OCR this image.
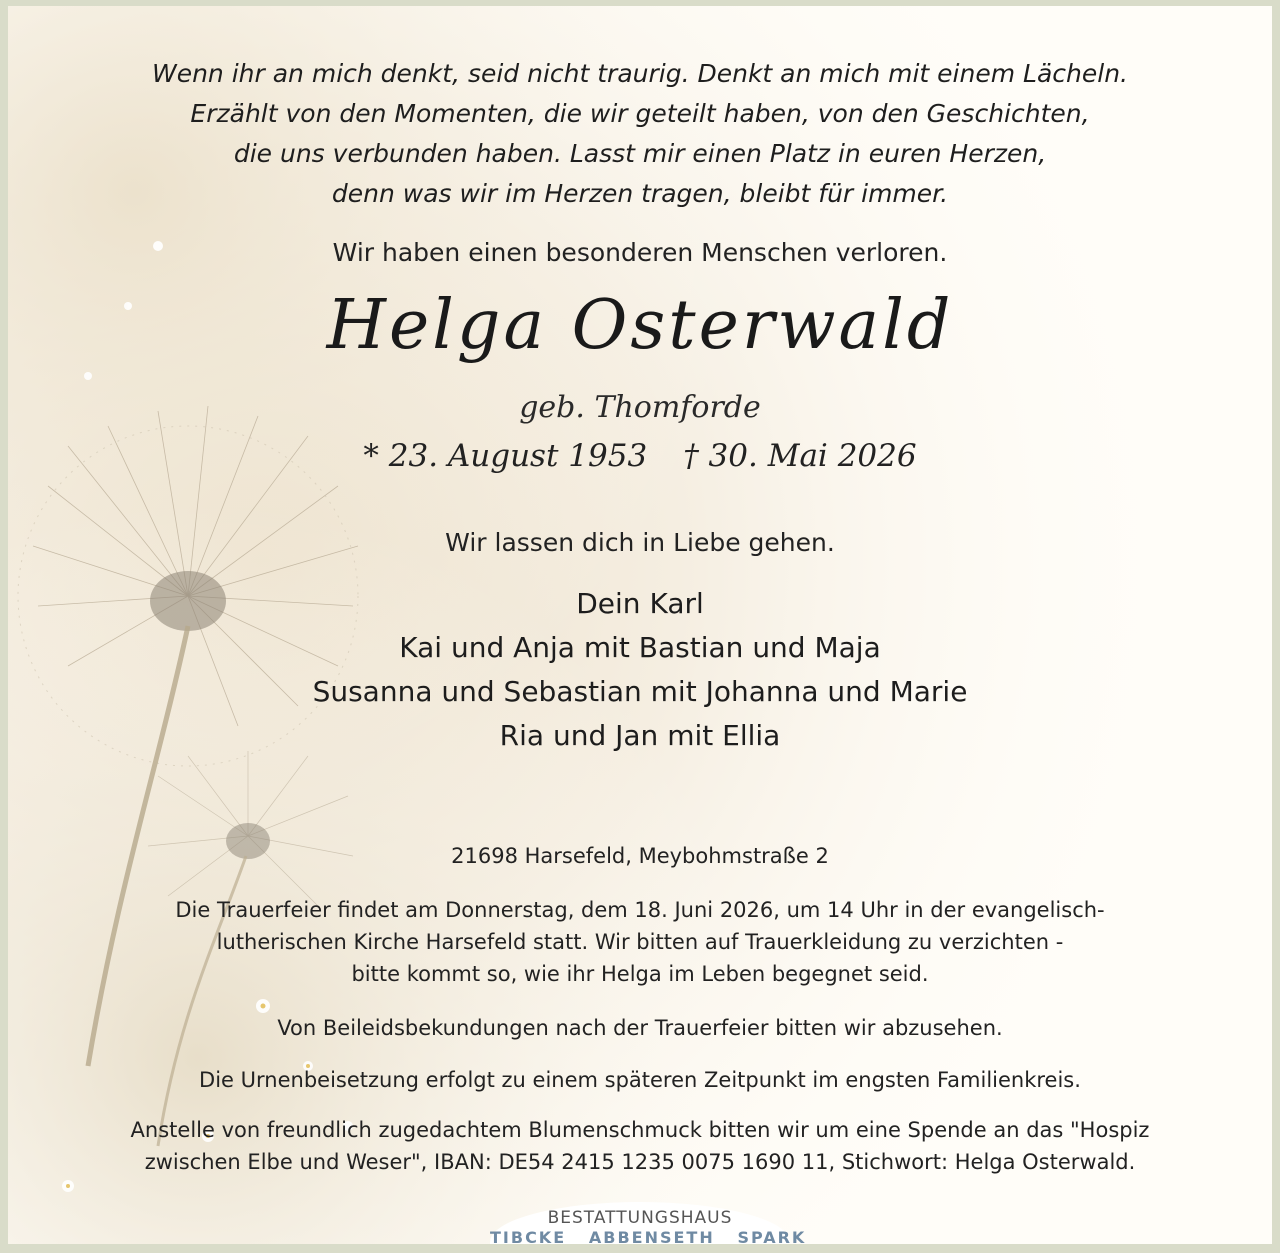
Wenn ihr an mich denkt, seid nicht traurig. Denkt an mich mit einem Lächeln.
Erzählt von den Momenten, die wir geteilt haben, von den Geschichten,
die uns verbunden haben. Lasst mir einen Platz in euren Herzen,
denn was wir im Herzen tragen, bleibt für immer.
Wir haben einen besonderen Menschen verloren.
Helga Osterwald
geb. Thomforde
* 23. August 1953 † 30. Mai 2026
Wir lassen dich in Liebe gehen.
Dein Karl
Kai und Anja mit Bastian und Maja
Susanna und Sebastian mit Johanna und Marie
Ria und Jan mit Ellia
21698 Harsefeld, Meybohmstraße 2
Die Trauerfeier findet am Donnerstag, dem 18. Juni 2026, um 14 Uhr in der evangelisch-
lutherischen Kirche Harsefeld statt. Wir bitten auf Trauerkleidung zu verzichten -
bitte kommt so, wie ihr Helga im Leben begegnet seid.
Von Beileidsbekundungen nach der Trauerfeier bitten wir abzusehen.
Die Urnenbeisetzung erfolgt zu einem späteren Zeitpunkt im engsten Familienkreis.
Anstelle von freundlich zugedachtem Blumenschmuck bitten wir um eine Spende an das "Hospiz
zwischen Elbe und Weser", IBAN: DE54 2415 1235 0075 1690 11, Stichwort: Helga Osterwald.
BESTATTUNGSHAUS
TIBCKE ABBENSETH SPARK
